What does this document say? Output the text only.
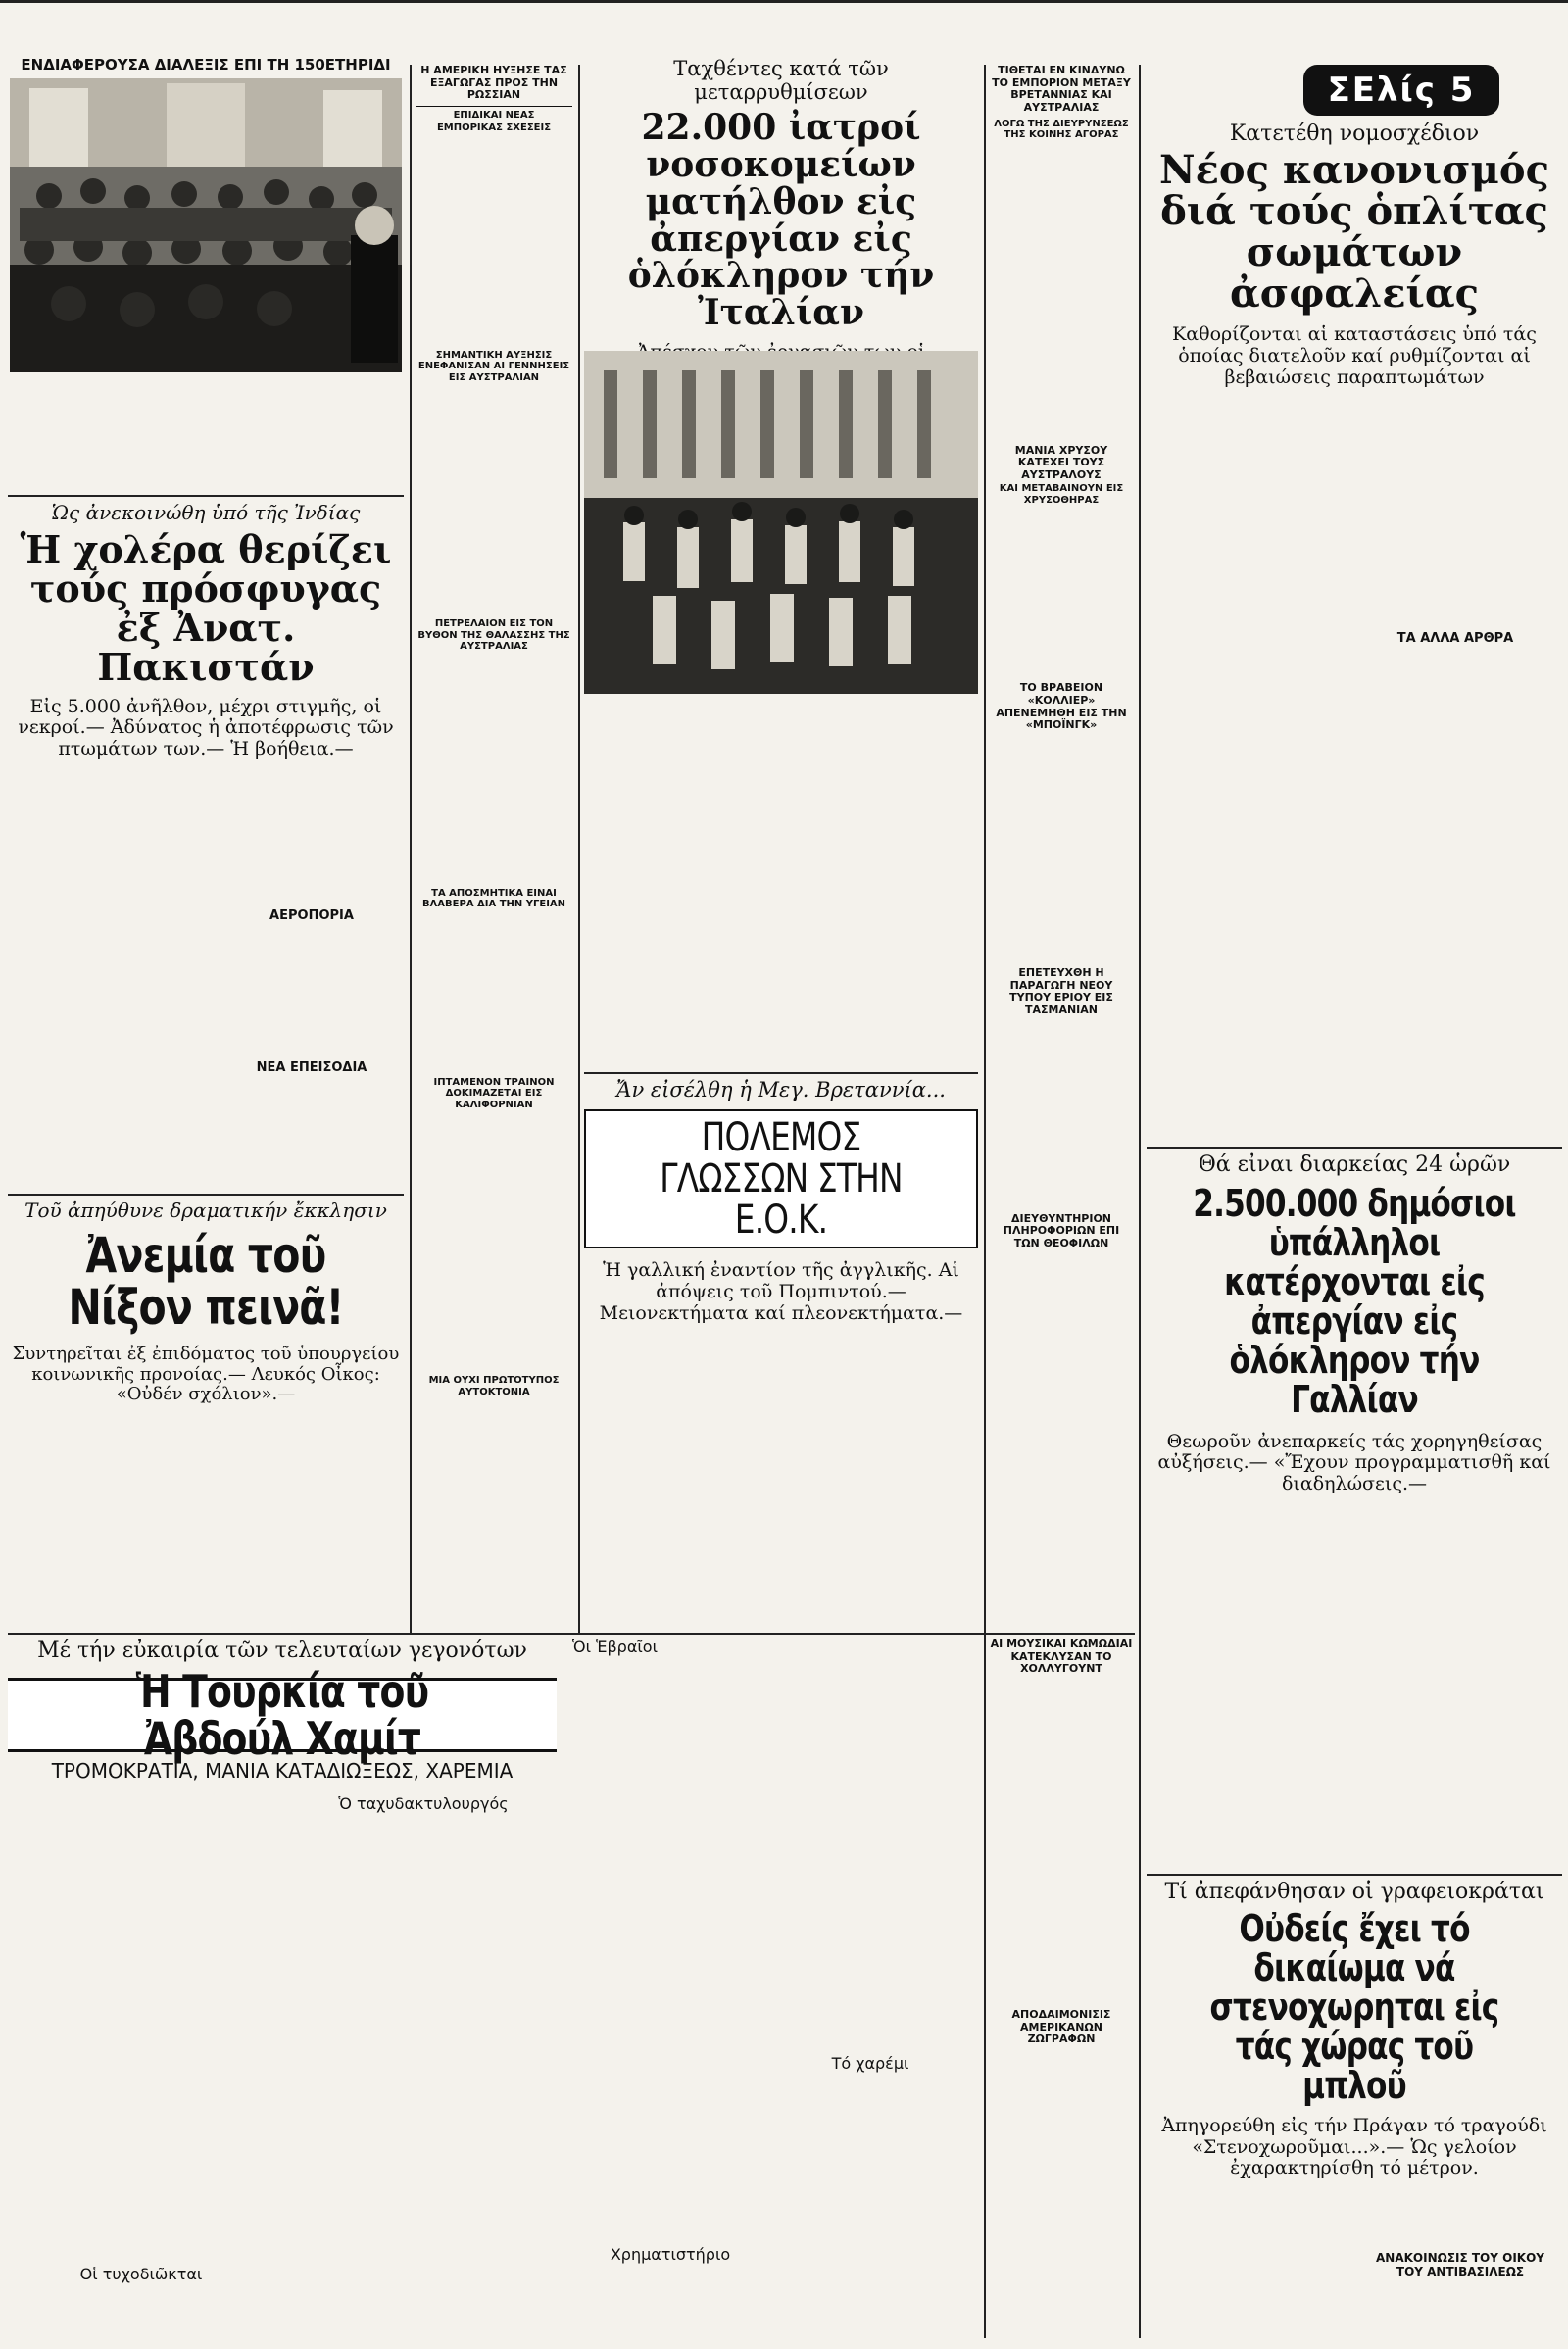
ΕΝΔΙΑΦΕΡΟΥΣΑ ΔΙΑΛΕΞΙΣ ΕΠΙ ΤΗ 150ΕΤΗΡΙΔΙ
Ὡς ἀνεκοινώθη ὑπό τῆς Ἰνδίας
Ἡ χολέρα θερίζει τούς πρόσφυγας ἐξ Ἀνατ. Πακιστάν
Εἰς 5.000 ἀνῆλθον, μέχρι στιγμῆς, οἱ νεκροί.— Ἀδύνατος ἡ ἀποτέφρωσις τῶν πτωμάτων των.— Ἡ βοήθεια.—
ΑΕΡΟΠΟΡΙΑ
ΝΕΑ ΕΠΕΙΣΟΔΙΑ
Τοῦ ἀπηύθυνε δραματικήν ἔκκλησιν
Ἀνεμία τοῦ Νίξον πεινᾶ!
Συντηρεῖται ἐξ ἐπιδόματος τοῦ ὑπουργείου κοινωνικῆς προνοίας.— Λευκός Οἶκος: «Οὐδέν σχόλιον».—
Η ΑΜΕΡΙΚΗ ΗΥΞΗΣΕ ΤΑΣ ΕΞΑΓΩΓΑΣ ΠΡΟΣ ΤΗΝ ΡΩΣΣΙΑΝ
ΕΠΙΔΙΚΑΙ ΝΕΑΣ
ΕΜΠΟΡΙΚΑΣ ΣΧΕΣΕΙΣ
ΣΗΜΑΝΤΙΚΗ ΑΥΞΗΣΙΣ ΕΝΕΦΑΝΙΣΑΝ ΑΙ ΓΕΝΝΗΣΕΙΣ ΕΙΣ ΑΥΣΤΡΑΛΙΑΝ
ΠΕΤΡΕΛΑΙΟΝ ΕΙΣ ΤΟΝ ΒΥΘΟΝ ΤΗΣ ΘΑΛΑΣΣΗΣ ΤΗΣ ΑΥΣΤΡΑΛΙΑΣ
ΤΑ ΑΠΟΣΜΗΤΙΚΑ ΕΙΝΑΙ ΒΛΑΒΕΡΑ ΔΙΑ ΤΗΝ ΥΓΕΙΑΝ
ΙΠΤΑΜΕΝΟΝ ΤΡΑΙΝΟΝ ΔΟΚΙΜΑΖΕΤΑΙ ΕΙΣ ΚΑΛΙΦΟΡΝΙΑΝ
ΜΙΑ ΟΥΧΙ ΠΡΩΤΟΤΥΠΟΣ ΑΥΤΟΚΤΟΝΙΑ
Ταχθέντες κατά τῶν μεταρρυθμίσεων
22.000 ἰατροί νοσοκομείων ματήλθον εἰς ἀπεργίαν εἰς ὁλόκληρον τήν Ἰταλίαν
Ἄν εἰσέλθη ἡ Μεγ. Βρεταννία...
ΠΟΛΕΜΟΣ ΓΛΩΣΣΩΝ ΣΤΗΝ Ε.Ο.Κ.
Ἡ γαλλική ἐναντίον τῆς ἀγγλικῆς. Αἱ ἀπόψεις τοῦ Πομπιντού.— Μειονεκτήματα καί πλεονεκτήματα.—
ΤΙΘΕΤΑΙ ΕΝ ΚΙΝΔΥΝΩ ΤΟ ΕΜΠΟΡΙΟΝ ΜΕΤΑΞΥ ΒΡΕΤΑΝΝΙΑΣ ΚΑΙ ΑΥΣΤΡΑΛΙΑΣ
ΛΟΓΩ ΤΗΣ ΔΙΕΥΡΥΝΣΕΩΣ ΤΗΣ ΚΟΙΝΗΣ ΑΓΟΡΑΣ
ΜΑΝΙΑ ΧΡΥΣΟΥ ΚΑΤΕΧΕΙ ΤΟΥΣ ΑΥΣΤΡΑΛΟΥΣ
ΚΑΙ ΜΕΤΑΒΑΙΝΟΥΝ ΕΙΣ ΧΡΥΣΟΘΗΡΑΣ
ΤΟ ΒΡΑΒΕΙΟΝ «ΚΟΛΛΙΕΡ» ΑΠΕΝΕΜΗΘΗ ΕΙΣ ΤΗΝ «ΜΠΟΪΝΓΚ»
ΕΠΕΤΕΥΧΘΗ Η ΠΑΡΑΓΩΓΗ ΝΕΟΥ ΤΥΠΟΥ ΕΡΙΟΥ ΕΙΣ ΤΑΣΜΑΝΙΑΝ
ΔΙΕΥΘΥΝΤΗΡΙΟΝ ΠΛΗΡΟΦΟΡΙΩΝ ΕΠΙ ΤΩΝ ΘΕΟΦΙΛΩΝ
ΣΕλίς 5
Κατετέθη νομοσχέδιον
Νέος κανονισμός διά τούς ὁπλίτας σωμάτων ἀσφαλείας
Καθορίζονται αἱ καταστάσεις ὑπό τάς ὁποίας διατελοῦν καί ρυθμίζονται αἱ βεβαιώσεις παραπτωμάτων
ΤΑ ΑΛΛΑ ΑΡΘΡΑ
Θά εἶναι διαρκείας 24 ὡρῶν
2.500.000 δημόσιοι ὑπάλληλοι κατέρχονται εἰς ἀπεργίαν εἰς ὁλόκληρον τήν Γαλλίαν
Θεωροῦν ἀνεπαρκείς τάς χορηγηθείσας αὐξήσεις.— «Ἔχουν προγραμματισθῆ καί διαδηλώσεις.—
Τί ἀπεφάνθησαν οἱ γραφειοκράται
Οὐδείς ἔχει τό δικαίωμα νά στενοχωρηται εἰς τάς χώρας τοῦ μπλοῦ
Ἀπηγορεύθη εἰς τήν Πράγαν τό τραγούδι «Στενοχωροῦμαι...».— Ὡς γελοίον ἐχαρακτηρίσθη τό μέτρον.
ΑΝΑΚΟΙΝΩΣΙΣ ΤΟΥ ΟΙΚΟΥ ΤΟΥ ΑΝΤΙΒΑΣΙΛΕΩΣ
Μέ τήν εὐκαιρία τῶν τελευταίων γεγονότων
Ἡ Τουρκία τοῦ Ἀβδούλ Χαμίτ
ΤΡΟΜΟΚΡΑΤΙΑ, ΜΑΝΙΑ ΚΑΤΑΔΙΩΞΕΩΣ, ΧΑΡΕΜΙΑ
Οἱ τυχοδιῶκται
Ὁ ταχυδακτυλουργός
Ὁι Ἑβραῖοι
Τό χαρέμι
Χρηματιστήριο
ΑΙ ΜΟΥΣΙΚΑΙ ΚΩΜΩΔΙΑΙ ΚΑΤΕΚΛΥΣΑΝ ΤΟ ΧΟΛΛΥΓΟΥΝΤ
ΑΠΟΔΑΙΜΟΝΙΣΙΣ ΑΜΕΡΙΚΑΝΩΝ ΖΩΓΡΑΦΩΝ
